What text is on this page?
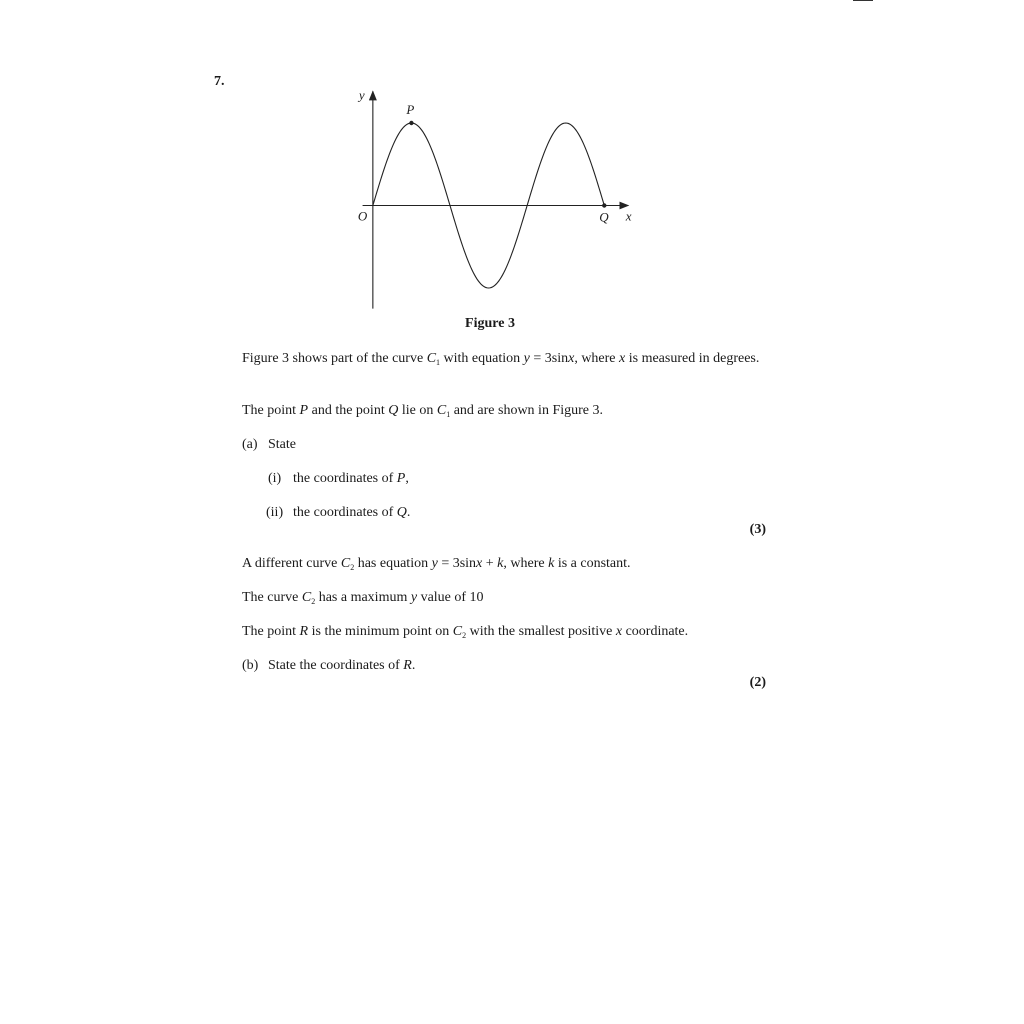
7.
y
x
O
P
Q
Figure 3
Figure 3 shows part of the curve $C_1$ with equation y = 3sinx, where x is measured in degrees.
The point P and the point Q lie on $C_1$ and are shown in Figure 3.
(a) State
(i) the coordinates of P,
(ii) the coordinates of Q.
(3)
A different curve $C_2$ has equation y = 3sinx + k, where k is a constant.
The curve $C_2$ has a maximum y value of 10
The point R is the minimum point on $C_2$ with the smallest positive x coordinate.
(b) State the coordinates of R.
(2)
